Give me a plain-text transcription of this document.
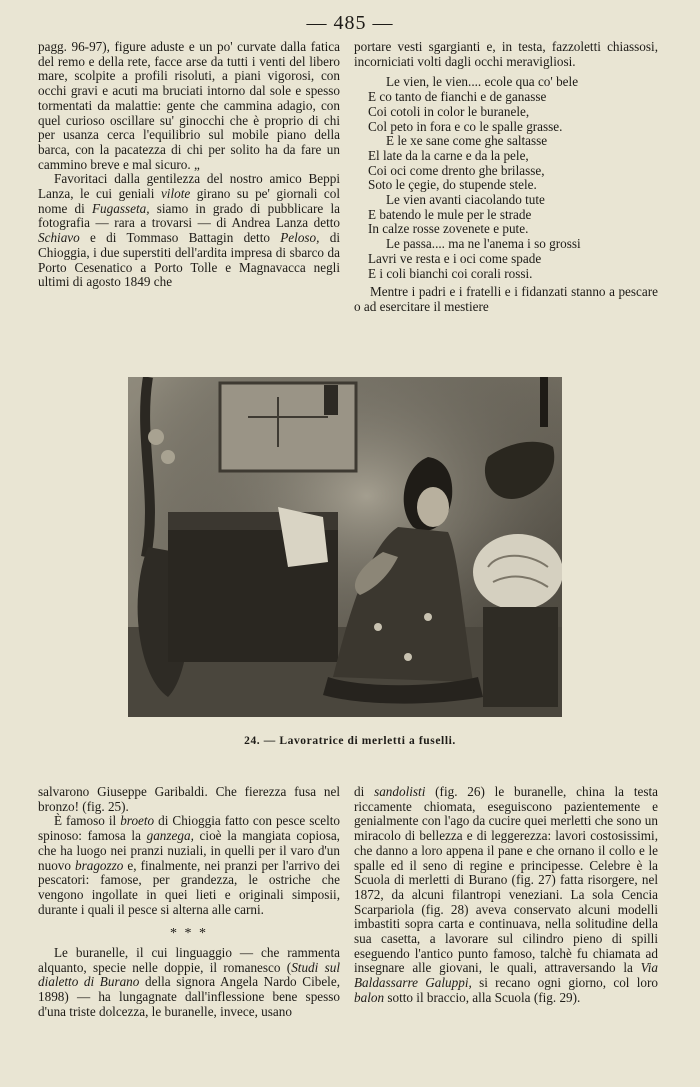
— 485 —

pagg. 96-97), figure aduste e un po' curvate dalla fatica del remo e della rete, facce arse da tutti i venti del libero mare, scolpite a profili risoluti, a piani vigorosi, con occhi gravi e acuti ma bruciati intorno dal sole e spesso tormentati da malattie: gente che cammina adagio, con quel curioso oscillare su' ginocchi che è proprio di chi per usanza cerca l'equilibrio sul mobile piano della barca, con la pacatezza di chi per solito ha da fare un cammino breve e mal sicuro. „

Favoritaci dalla gentilezza del nostro amico Beppi Lanza, le cui geniali vilote girano su pe' giornali col nome di Fugasseta, siamo in grado di pubblicare la fotografia — rara a trovarsi — di Andrea Lanza detto Schiavo e di Tommaso Battagin detto Peloso, di Chioggia, i due superstiti dell'ardita impresa di sbarco da Porto Cesenatico a Porto Tolle e Magnavacca negli ultimi di agosto 1849 che

portare vesti sgargianti e, in testa, fazzoletti chiassosi, incorniciati volti dagli occhi meravigliosi.

Le vien, le vien.... ecole qua co' bele
E co tanto de fianchi e de ganasse
Coi cotoli in color le buranele,
Col peto in fora e co le spalle grasse.
E le xe sane come ghe saltasse
El late da la carne e da la pele,
Coi oci come drento ghe brilasse,
Soto le çegie, do stupende stele.
Le vien avanti ciacolando tute
E batendo le mule per le strade
In calze rosse zovenete e pute.
Le passa.... ma ne l'anema i so grossi
Lavri ve resta e i oci come spade
E i coli bianchi coi corali rossi.

Mentre i padri e i fratelli e i fidanzati stanno a pescare o ad esercitare il mestiere

24. — Lavoratrice di merletti a fuselli.

salvarono Giuseppe Garibaldi. Che fierezza fusa nel bronzo! (fig. 25).

È famoso il broeto di Chioggia fatto con pesce scelto spinoso: famosa la ganzega, cioè la mangiata copiosa, che ha luogo nei pranzi nuziali, in quelli per il varo d'un nuovo bragozzo e, finalmente, nei pranzi per l'arrivo dei pescatori: famose, per grandezza, le ostriche che vengono ingollate in quei lieti e originali simposii, durante i quali il pesce si alterna alle carni.

* * *

Le buranelle, il cui linguaggio — che rammenta alquanto, specie nelle doppie, il romanesco (Studi sul dialetto di Burano della signora Angela Nardo Cibele, 1898) — ha lungagnate dall'inflessione bene spesso d'una triste dolcezza, le buranelle, invece, usano

di sandolisti (fig. 26) le buranelle, china la testa riccamente chiomata, eseguiscono pazientemente e genialmente con l'ago da cucire quei merletti che sono un miracolo di bellezza e di leggerezza: lavori costosissimi, che danno a loro appena il pane e che ornano il collo e le spalle ed il seno di regine e principesse. Celebre è la Scuola di merletti di Burano (fig. 27) fatta risorgere, nel 1872, da alcuni filantropi veneziani. La sola Cencia Scarpariola (fig. 28) aveva conservato alcuni modelli imbastiti sopra carta e continuava, nella solitudine della sua casetta, a lavorare sul cilindro pieno di spilli eseguendo l'antico punto famoso, talchè fu chiamata ad insegnare alle giovani, le quali, attraversando la Via Baldassarre Galuppi, si recano ogni giorno, col loro balon sotto il braccio, alla Scuola (fig. 29).
